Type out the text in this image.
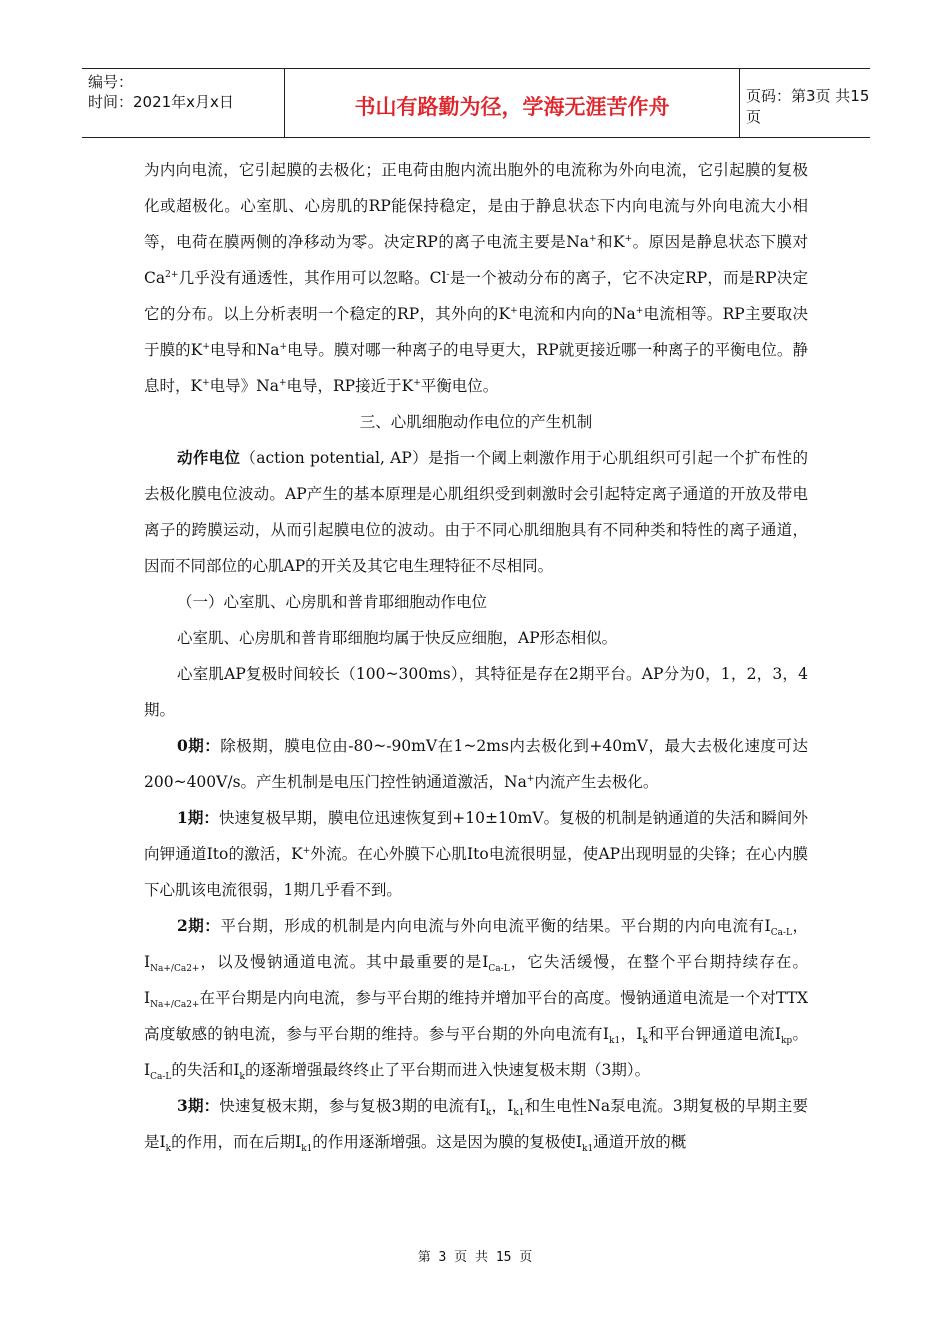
编号：
时间：2021年x月x日	书山有路勤为径，学海无涯苦作舟	页码：第3页 共15页

为内向电流，它引起膜的去极化；正电荷由胞内流出胞外的电流称为外向电流，它引起膜的复极化或超极化。心室肌、心房肌的RP能保持稳定，是由于静息状态下内向电流与外向电流大小相等，电荷在膜两侧的净移动为零。决定RP的离子电流主要是Na+和K+。原因是静息状态下膜对$Ca^{2+}$几乎没有通透性，其作用可以忽略。Cl-是一个被动分布的离子，它不决定RP，而是RP决定它的分布。以上分析表明一个稳定的RP，其外向的K+电流和内向的Na+电流相等。RP主要取决于膜的K+电导和Na+电导。膜对哪一种离子的电导更大，RP就更接近哪一种离子的平衡电位。静息时，K+电导》Na+电导，RP接近于K+平衡电位。

三、心肌细胞动作电位的产生机制

动作电位（action potential, AP）是指一个阈上刺激作用于心肌组织可引起一个扩布性的去极化膜电位波动。AP产生的基本原理是心肌组织受到刺激时会引起特定离子通道的开放及带电离子的跨膜运动，从而引起膜电位的波动。由于不同心肌细胞具有不同种类和特性的离子通道，因而不同部位的心肌AP的开关及其它电生理特征不尽相同。

（一）心室肌、心房肌和普肯耶细胞动作电位

心室肌、心房肌和普肯耶细胞均属于快反应细胞，AP形态相似。

心室肌AP复极时间较长（100~300ms），其特征是存在2期平台。AP分为0，1，2，3，4期。

0期：除极期，膜电位由-80~-90mV在1~2ms内去极化到+40mV，最大去极化速度可达200~400V/s。产生机制是电压门控性钠通道激活，Na+内流产生去极化。

1期：快速复极早期，膜电位迅速恢复到+10±10mV。复极的机制是钠通道的失活和瞬间外向钾通道Ito的激活，K+外流。在心外膜下心肌Ito电流很明显，使AP出现明显的尖锋；在心内膜下心肌该电流很弱，1期几乎看不到。

2期：平台期，形成的机制是内向电流与外向电流平衡的结果。平台期的内向电流有$I_{Ca-L}$，$I_{Na+/Ca2+}$，以及慢钠通道电流。其中最重要的是$I_{Ca-L}$，它失活缓慢，在整个平台期持续存在。$I_{Na+/Ca2+}$在平台期是内向电流，参与平台期的维持并增加平台的高度。慢钠通道电流是一个对TTX高度敏感的钠电流，参与平台期的维持。参与平台期的外向电流有$I_{k1}$，$I_k$和平台钾通道电流$I_{kp}$。$I_{Ca-L}$的失活和$I_k$的逐渐增强最终终止了平台期而进入快速复极末期（3期）。

3期：快速复极末期，参与复极3期的电流有$I_k$，$I_{k1}$和生电性Na泵电流。3期复极的早期主要是$I_k$的作用，而在后期$I_{k1}$的作用逐渐增强。这是因为膜的复极使$I_{k1}$通道开放的概

第 3 页 共 15 页
